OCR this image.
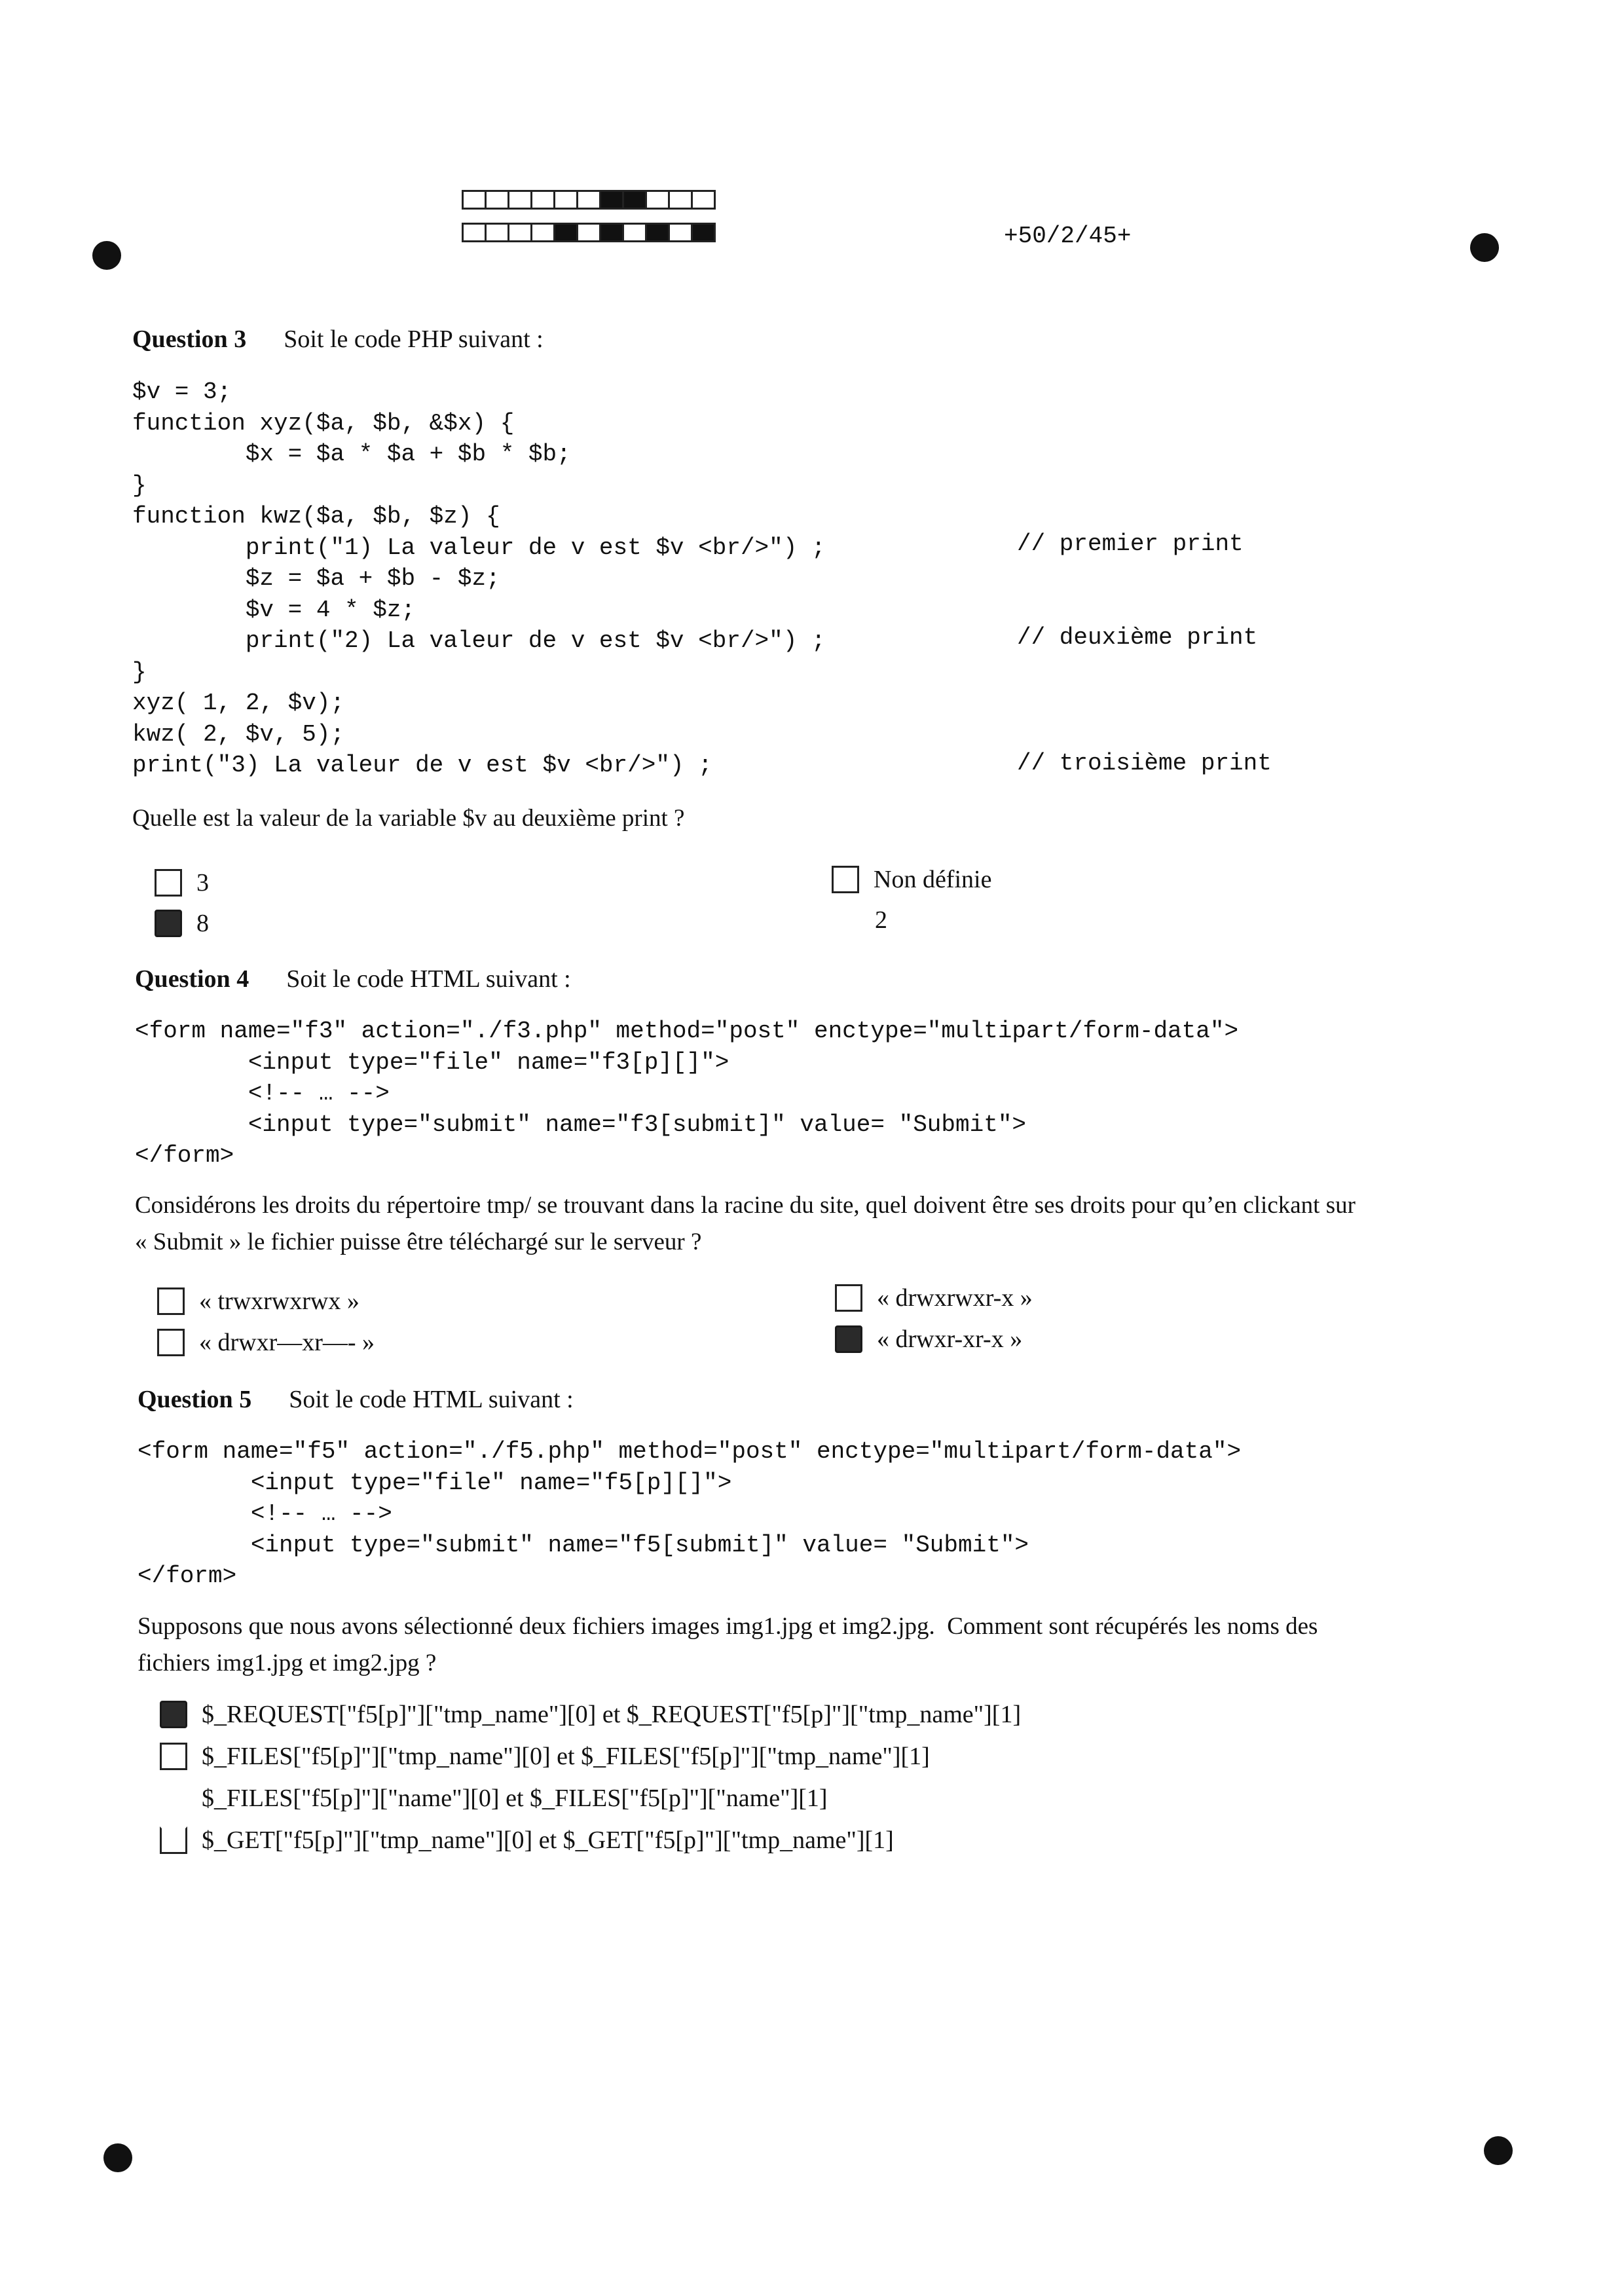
+50/2/45+
Question 3 Soit le code PHP suivant :
$v = 3;
function xyz($a, $b, &$x) {
$x = $a * $a + $b * $b;
}
function kwz($a, $b, $z) {
print("1) La valeur de v est $v <br/>") ;
$z = $a + $b - $z;
$v = 4 * $z;
print("2) La valeur de v est $v <br/>") ;
}
xyz( 1, 2, $v);
kwz( 2, $v, 5);
print("3) La valeur de v est $v <br/>") ;
// premier print
// deuxième print
// troisième print
Quelle est la valeur de la variable $v au deuxième print ?
3
8
Non définie
2
Question 4 Soit le code HTML suivant :
<form name="f3" action="./f3.php" method="post" enctype="multipart/form-data">
<input type="file" name="f3[p][]">
<!-- … -->
<input type="submit" name="f3[submit]" value= "Submit">
</form>
Considérons les droits du répertoire tmp/ se trouvant dans la racine du site, quel doivent être ses droits pour qu’en clickant sur
« Submit » le fichier puisse être téléchargé sur le serveur ?
« trwxrwxrwx »
« drwxr—xr—- »
« drwxrwxr-x »
« drwxr-xr-x »
Question 5 Soit le code HTML suivant :
<form name="f5" action="./f5.php" method="post" enctype="multipart/form-data">
<input type="file" name="f5[p][]">
<!-- … -->
<input type="submit" name="f5[submit]" value= "Submit">
</form>
Supposons que nous avons sélectionné deux fichiers images img1.jpg et img2.jpg.  Comment sont récupérés les noms des
fichiers img1.jpg et img2.jpg ?
$_REQUEST["f5[p]"]["tmp_name"][0] et $_REQUEST["f5[p]"]["tmp_name"][1]
$_FILES["f5[p]"]["tmp_name"][0] et $_FILES["f5[p]"]["tmp_name"][1]
$_FILES["f5[p]"]["name"][0] et $_FILES["f5[p]"]["name"][1]
$_GET["f5[p]"]["tmp_name"][0] et $_GET["f5[p]"]["tmp_name"][1]
